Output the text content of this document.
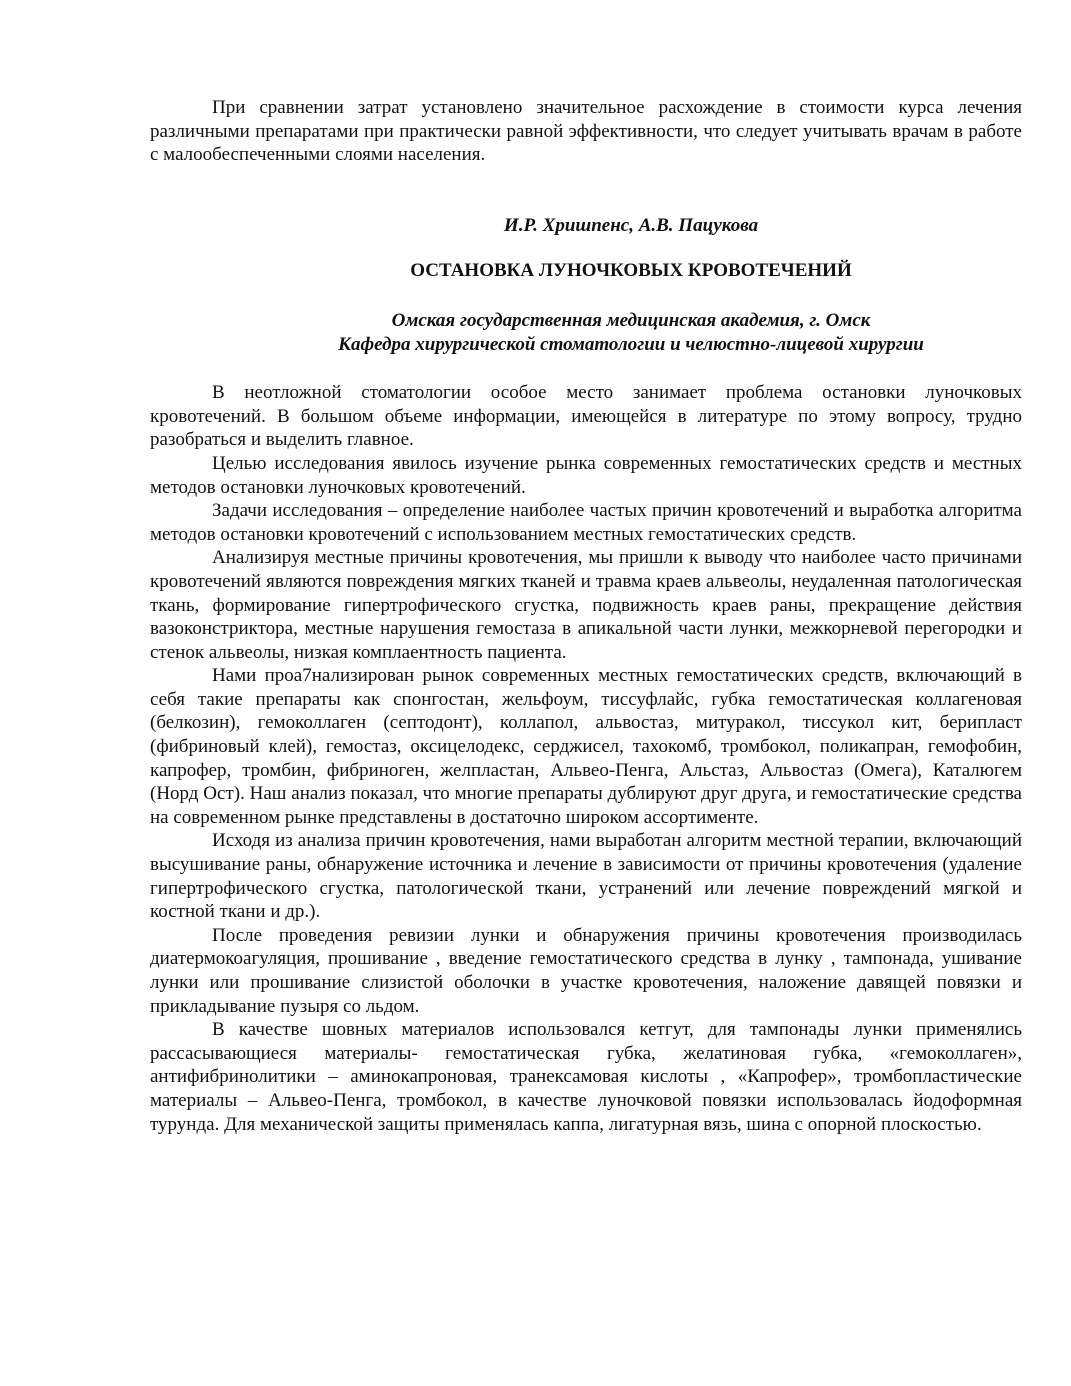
При сравнении затрат установлено значительное расхождение в стоимости курса лечения различными препаратами при практически равной эффективности, что следует учитывать врачам в работе с малообеспеченными слоями населения.

И.Р. Хришпенс, А.В. Пацукова

ОСТАНОВКА ЛУНОЧКОВЫХ КРОВОТЕЧЕНИЙ

Омская государственная медицинская академия, г. Омск
Кафедра хирургической стоматологии и челюстно-лицевой хирургии

В неотложной стоматологии особое место занимает проблема остановки луночковых кровотечений. В большом объеме информации, имеющейся в литературе по этому вопросу, трудно разобраться и выделить главное.

Целью исследования явилось изучение рынка современных гемостатических средств и местных методов остановки луночковых кровотечений.

Задачи исследования – определение наиболее частых причин кровотечений и выработка алгоритма методов остановки кровотечений с использованием местных гемостатических средств.

Анализируя местные причины кровотечения, мы пришли к выводу что наиболее часто причинами кровотечений являются повреждения мягких тканей и травма краев альвеолы, неудаленная патологическая ткань, формирование гипертрофического сгустка, подвижность краев раны, прекращение действия вазоконстриктора, местные нарушения гемостаза в апикальной части лунки, межкорневой перегородки и стенок альвеолы, низкая комплаентность пациента.

Нами проа7нализирован рынок современных местных гемостатических средств, включающий в себя такие препараты как спонгостан, жельфоум, тиссуфлайс, губка гемостатическая коллагеновая (белкозин), гемоколлаген (септодонт), коллапол, альвостаз, митуракол, тиссукол кит, берипласт (фибриновый клей), гемостаз, оксицелодекс, серджисел, тахокомб, тромбокол, поликапран, гемофобин, капрофер, тромбин, фибриноген, желпластан, Альвео-Пенга, Альстаз, Альвостаз (Омега), Каталюгем (Норд Ост). Наш анализ показал, что многие препараты дублируют друг друга, и гемостатические средства на современном рынке представлены в достаточно широком ассортименте.

Исходя из анализа причин кровотечения, нами выработан алгоритм местной терапии, включающий высушивание раны, обнаружение источника и лечение в зависимости от причины кровотечения (удаление гипертрофического сгустка, патологической ткани, устранений или лечение повреждений мягкой и костной ткани и др.).

После проведения ревизии лунки и обнаружения причины кровотечения производилась диатермокоагуляция, прошивание , введение гемостатического средства в лунку , тампонада, ушивание лунки или прошивание слизистой оболочки в участке кровотечения, наложение давящей повязки и прикладывание пузыря со льдом.

В качестве шовных материалов использовался кетгут, для тампонады лунки применялись рассасывающиеся материалы- гемостатическая губка, желатиновая губка, «гемоколлаген», антифибринолитики – аминокапроновая, транексамовая кислоты , «Капрофер», тромбопластические материалы – Альвео-Пенга, тромбокол, в качестве луночковой повязки использовалась йодоформная турунда. Для механической защиты применялась каппа, лигатурная вязь, шина с опорной плоскостью.
